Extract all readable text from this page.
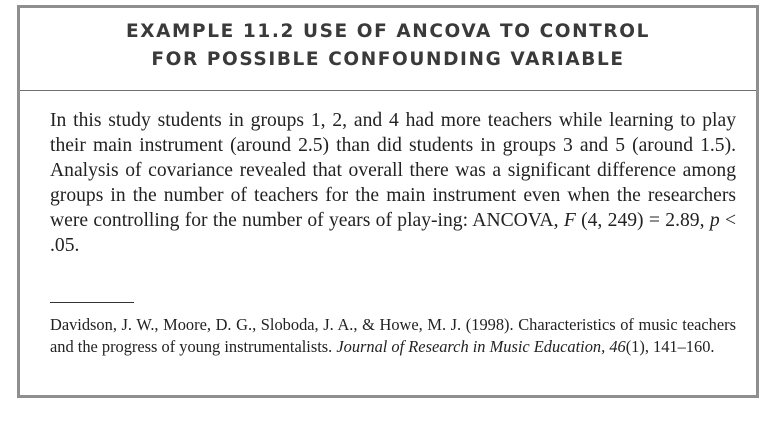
EXAMPLE 11.2 USE OF ANCOVA TO CONTROL

FOR POSSIBLE CONFOUNDING VARIABLE

In this study students in groups 1, 2, and 4 had more teachers while learning to play their main instrument (around 2.5) than did students in groups 3 and 5 (around 1.5). Analysis of covariance revealed that overall there was a significant difference among groups in the number of teachers for the main instrument even when the researchers were controlling for the number of years of play-ing: ANCOVA, F (4, 249) = 2.89, p < .05.

Davidson, J. W., Moore, D. G., Sloboda, J. A., & Howe, M. J. (1998). Characteristics of music teachers and the progress of young instrumentalists. Journal of Research in Music Education, 46(1), 141–160.
